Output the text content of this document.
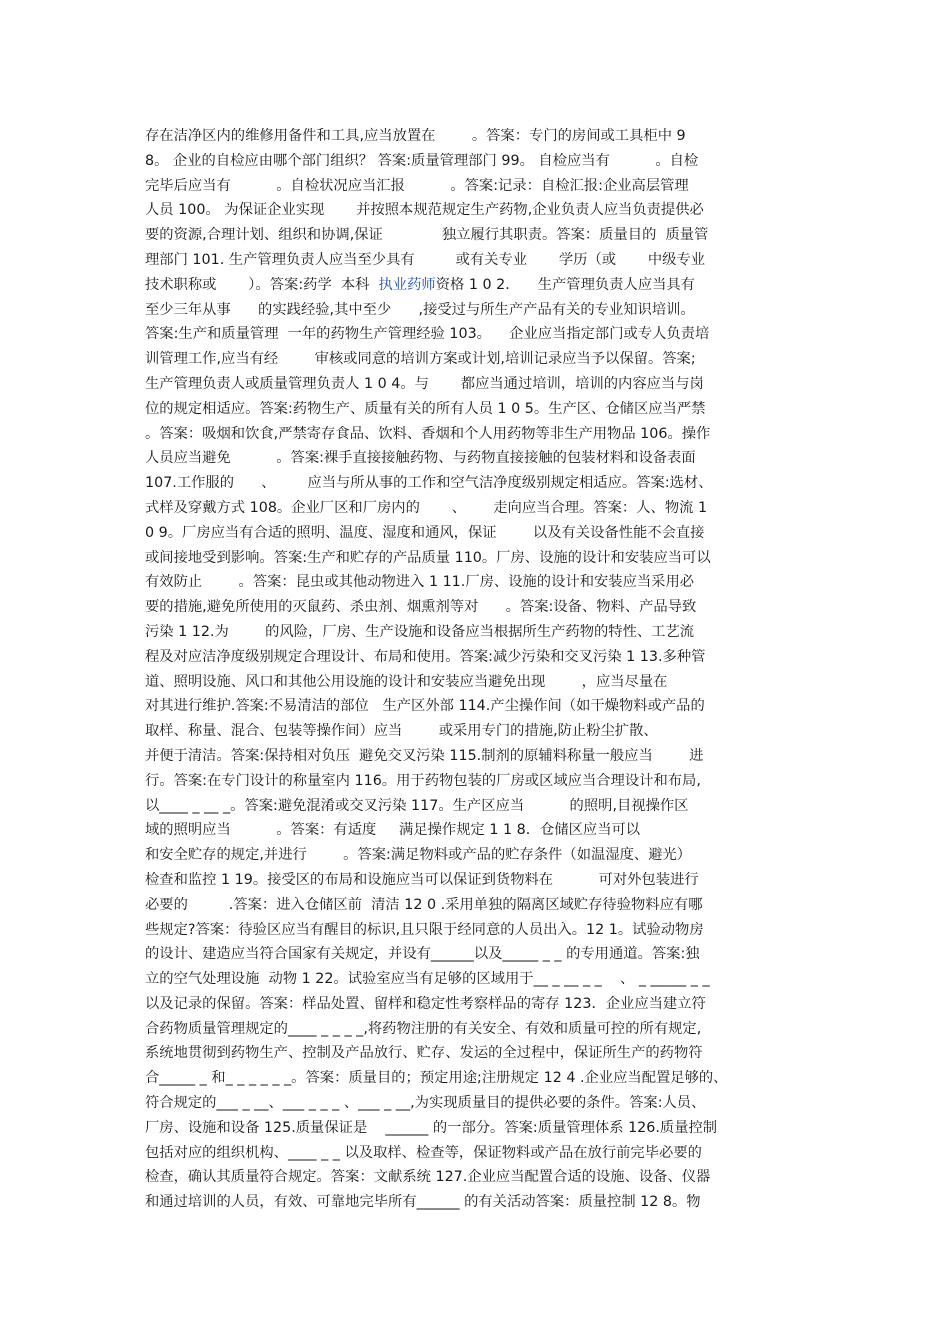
存在洁净区内的维修用备件和工具,应当放置在        。答案：专门的房间或工具柜中 9
8。 企业的自检应由哪个部门组织？ 答案:质量管理部门 99。 自检应当有          。自检
完毕后应当有          。自检状况应当汇报          。答案:记录：自检汇报:企业高层管理
人员 100。 为保证企业实现       并按照本规范规定生产药物,企业负责人应当负责提供必
要的资源,合理计划、组织和协调,保证             独立履行其职责。答案：质量目的  质量管
理部门 101. 生产管理负责人应当至少具有         或有关专业       学历（或       中级专业
技术职称或       ）。答案:药学  本科 执业药师 资格 1 0 2．    生产管理负责人应当具有
至少三年从事      的实践经验,其中至少      ,接受过与所生产产品有关的专业知识培训。
答案:生产和质量管理  一年的药物生产管理经验 103。    企业应当指定部门或专人负责培
训管理工作,应当有经        审核或同意的培训方案或计划,培训记录应当予以保留。答案;
生产管理负责人或质量管理负责人 1 0 4。与       都应当通过培训，培训的内容应当与岗
位的规定相适应。答案:药物生产、质量有关的所有人员 1 0 5。生产区、仓储区应当严禁
。答案：吸烟和饮食,严禁寄存食品、饮料、香烟和个人用药物等非生产用物品 106。操作
人员应当避免          。答案:裸手直接接触药物、与药物直接接触的包装材料和设备表面
107.工作服的      、       应当与所从事的工作和空气洁净度级别规定相适应。答案:选材、
式样及穿戴方式 108。企业厂区和厂房内的       、      走向应当合理。答案：人、物流 1
0 9。厂房应当有合适的照明、温度、湿度和通风，保证        以及有关设备性能不会直接
或间接地受到影响。答案:生产和贮存的产品质量 110。厂房、设施的设计和安装应当可以
有效防止        。答案：昆虫或其他动物进入 1 11.厂房、设施的设计和安装应当采用必
要的措施,避免所使用的灭鼠药、杀虫剂、烟熏剂等对      。答案:设备、物料、产品导致
污染 1 12.为        的风险，厂房、生产设施和设备应当根据所生产药物的特性、工艺流
程及对应洁净度级别规定合理设计、布局和使用。答案:减少污染和交叉污染 1 13.多种管
道、照明设施、风口和其他公用设施的设计和安装应当避免出现        ，应当尽量在
对其进行维护.答案:不易清洁的部位   生产区外部 114.产尘操作间（如干燥物料或产品的
取样、称量、混合、包装等操作间）应当        或采用专门的措施,防止粉尘扩散、
并便于清洁。答案:保持相对负压  避免交叉污染 115.制剂的原辅料称量一般应当        进
行。答案:在专门设计的称量室内 116。用于药物包装的厂房或区域应当合理设计和布局,
以____ _ __ _。答案:避免混淆或交叉污染 117。生产区应当          的照明,目视操作区
域的照明应当          。答案：有适度     满足操作规定 1 1 8．仓储区应当可以
和安全贮存的规定,并进行        。答案:满足物料或产品的贮存条件（如温湿度、避光）
检查和监控 1 19。接受区的布局和设施应当可以保证到货物料在          可对外包装进行
必要的         .答案：进入仓储区前  清洁 12 0 .采用单独的隔离区域贮存待验物料应有哪
些规定?答案：待验区应当有醒目的标识,且只限于经同意的人员出入。12 1。试验动物房
的设计、建造应当符合国家有关规定，并设有______以及_____ _ _ 的专用通道。答案:独
立的空气处理设施  动物 1 22。试验室应当有足够的区域用于__ _ __ _ _    、 _ _____ _ _
以及记录的保留。答案：样品处置、留样和稳定性考察样品的寄存 123．企业应当建立符
合药物质量管理规定的____ _ _ _ _,将药物注册的有关安全、有效和质量可控的所有规定,
系统地贯彻到药物生产、控制及产品放行、贮存、发运的全过程中，保证所生产的药物符
合_____ _ 和_ _ _ _ _ _。答案：质量目的；预定用途;注册规定 12 4 .企业应当配置足够的、
符合规定的___ _ __、___ _ _ _ 、___ _ __,为实现质量目的提供必要的条件。答案:人员、
厂房、设施和设备 125.质量保证是    ______ 的一部分。答案:质量管理体系 126.质量控制
包括对应的组织机构、____ _ _ 以及取样、检查等，保证物料或产品在放行前完毕必要的
检查，确认其质量符合规定。答案：文献系统 127.企业应当配置合适的设施、设备、仪器
和通过培训的人员，有效、可靠地完毕所有______ 的有关活动答案：质量控制 12 8。物
